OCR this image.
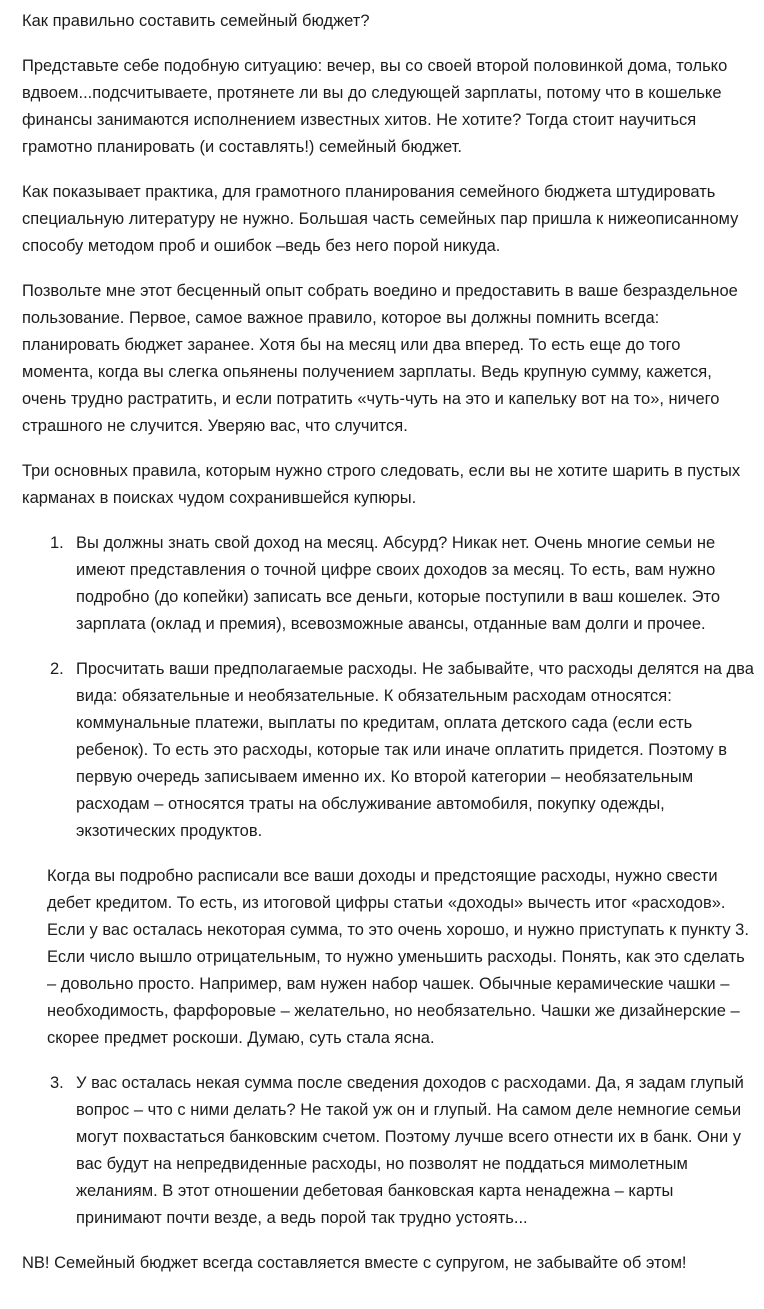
Как правильно составить семейный бюджет?

Представьте себе подобную ситуацию: вечер, вы со своей второй половинкой дома, только вдвоем...подсчитываете, протянете ли вы до следующей зарплаты, потому что в кошельке финансы занимаются исполнением известных хитов. Не хотите? Тогда стоит научиться грамотно планировать (и составлять!) семейный бюджет.

Как показывает практика, для грамотного планирования семейного бюджета штудировать специальную литературу не нужно. Большая часть семейных пар пришла к нижеописанному способу методом проб и ошибок –ведь без него порой никуда.

Позвольте мне этот бесценный опыт собрать воедино и предоставить в ваше безраздельное пользование. Первое, самое важное правило, которое вы должны помнить всегда: планировать бюджет заранее. Хотя бы на месяц или два вперед. То есть еще до того момента, когда вы слегка опьянены получением зарплаты. Ведь крупную сумму, кажется, очень трудно растратить, и если потратить «чуть-чуть на это и капельку вот на то», ничего страшного не случится. Уверяю вас, что случится.

Три основных правила, которым нужно строго следовать, если вы не хотите шарить в пустых карманах в поисках чудом сохранившейся купюры.

1. Вы должны знать свой доход на месяц. Абсурд? Никак нет. Очень многие семьи не имеют представления о точной цифре своих доходов за месяц. То есть, вам нужно подробно (до копейки) записать все деньги, которые поступили в ваш кошелек. Это зарплата (оклад и премия), всевозможные авансы, отданные вам долги и прочее.
2. Просчитать ваши предполагаемые расходы. Не забывайте, что расходы делятся на два вида: обязательные и необязательные. К обязательным расходам относятся: коммунальные платежи, выплаты по кредитам, оплата детского сада (если есть ребенок). То есть это расходы, которые так или иначе оплатить придется. Поэтому в первую очередь записываем именно их. Ко второй категории – необязательным расходам – относятся траты на обслуживание автомобиля, покупку одежды, экзотических продуктов.

Когда вы подробно расписали все ваши доходы и предстоящие расходы, нужно свести дебет кредитом. То есть, из итоговой цифры статьи «доходы» вычесть итог «расходов». Если у вас осталась некоторая сумма, то это очень хорошо, и нужно приступать к пункту 3. Если число вышло отрицательным, то нужно уменьшить расходы. Понять, как это сделать – довольно просто. Например, вам нужен набор чашек. Обычные керамические чашки – необходимость, фарфоровые – желательно, но необязательно. Чашки же дизайнерские – скорее предмет роскоши. Думаю, суть стала ясна.

3. У вас осталась некая сумма после сведения доходов с расходами. Да, я задам глупый вопрос – что с ними делать? Не такой уж он и глупый. На самом деле немногие семьи могут похвастаться банковским счетом. Поэтому лучше всего отнести их в банк. Они у вас будут на непредвиденные расходы, но позволят не поддаться мимолетным желаниям. В этот отношении дебетовая банковская карта ненадежна – карты принимают почти везде, а ведь порой так трудно устоять...

NB! Семейный бюджет всегда составляется вместе с супругом, не забывайте об этом!
